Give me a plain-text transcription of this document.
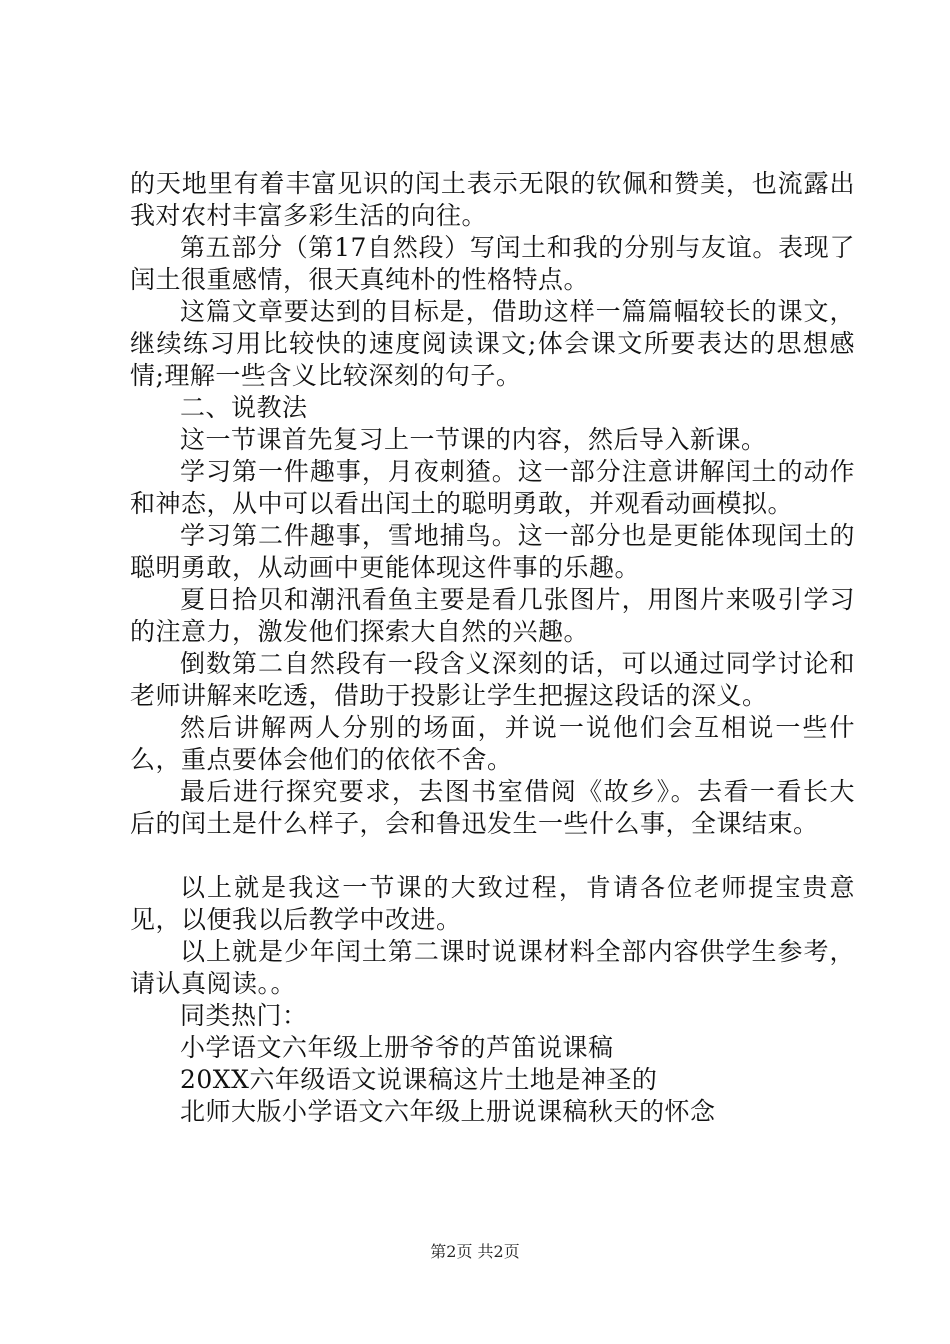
的天地里有着丰富见识的闰土表示无限的钦佩和赞美，也流露出我对农村丰富多彩生活的向往。

第五部分（第17自然段）写闰土和我的分别与友谊。表现了闰土很重感情，很天真纯朴的性格特点。

这篇文章要达到的目标是，借助这样一篇篇幅较长的课文，继续练习用比较快的速度阅读课文;体会课文所要表达的思想感情;理解一些含义比较深刻的句子。

二、说教法

这一节课首先复习上一节课的内容，然后导入新课。

学习第一件趣事，月夜刺猹。这一部分注意讲解闰土的动作和神态，从中可以看出闰土的聪明勇敢，并观看动画模拟。

学习第二件趣事，雪地捕鸟。这一部分也是更能体现闰土的聪明勇敢，从动画中更能体现这件事的乐趣。

夏日拾贝和潮汛看鱼主要是看几张图片，用图片来吸引学习的注意力，激发他们探索大自然的兴趣。

倒数第二自然段有一段含义深刻的话，可以通过同学讨论和老师讲解来吃透，借助于投影让学生把握这段话的深义。

然后讲解两人分别的场面，并说一说他们会互相说一些什么，重点要体会他们的依依不舍。

最后进行探究要求，去图书室借阅《故乡》。去看一看长大后的闰土是什么样子，会和鲁迅发生一些什么事，全课结束。

以上就是我这一节课的大致过程，肯请各位老师提宝贵意见，以便我以后教学中改进。

以上就是少年闰土第二课时说课材料全部内容供学生参考，请认真阅读。。

同类热门：

小学语文六年级上册爷爷的芦笛说课稿

20XX六年级语文说课稿这片土地是神圣的

北师大版小学语文六年级上册说课稿秋天的怀念

第2页 共2页
